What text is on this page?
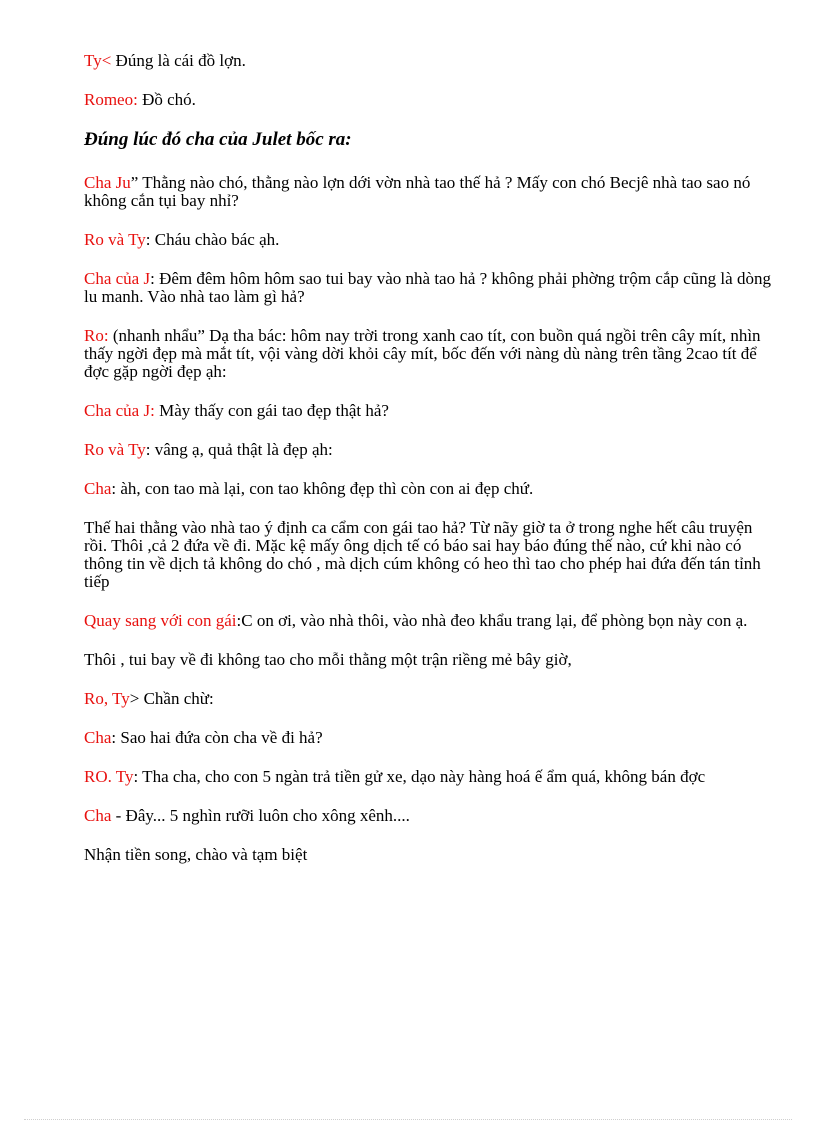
Ty< Đúng là cái đồ lợn.

Romeo: Đồ chó.

Đúng lúc đó cha của Julet bốc ra:

Cha Ju” Thằng nào chó, thằng nào lợn dới vờn nhà tao thế hả ? Mấy con chó Becjê nhà tao sao nó không cắn tụi bay nhỉ?

Ro và Ty: Cháu chào bác ạh.

Cha của J: Đêm đêm hôm hôm sao tui bay vào nhà tao hả ? không phải phờng trộm cắp cũng là dòng lu manh. Vào nhà tao làm gì hả?

Ro: (nhanh nhẩu” Dạ tha bác: hôm nay trời trong xanh cao tít, con buồn quá ngồi trên cây mít, nhìn thấy ngời đẹp mà mắt tít, vội vàng dời khỏi cây mít, bốc đến với nàng dù nàng trên tầng 2cao tít để đợc gặp ngời đẹp ạh:

Cha của J: Mày thấy con gái tao đẹp thật hả?

Ro và Ty: vâng ạ, quả thật là đẹp ạh:

Cha: àh, con tao mà lại, con tao không đẹp thì còn con ai đẹp chứ.

Thế hai thằng vào nhà tao ý định ca cẩm con gái tao hả? Từ nãy giờ ta ở trong nghe hết câu truyện rồi. Thôi ,cả 2 đứa về đi. Mặc kệ mấy ông dịch tế có báo sai hay báo đúng thế nào, cứ khi nào có thông tin về dịch tả không do chó , mà dịch cúm không có heo thì tao cho phép hai đứa đến tán tỉnh tiếp

Quay sang với con gái:C on ơi, vào nhà thôi, vào nhà đeo khẩu trang lại, để phòng bọn này con ạ.

Thôi , tui bay về đi không tao cho mỗi thằng một trận riềng mẻ bây giờ,

Ro, Ty> Chần chừ:

Cha: Sao hai đứa còn cha về đi hả?

RO. Ty: Tha cha, cho con 5 ngàn trả tiền gử xe, dạo này hàng hoá ế ẩm quá, không bán đợc

Cha - Đây... 5 nghìn rưỡi luôn cho xông xênh....

Nhận tiền song, chào và tạm biệt
